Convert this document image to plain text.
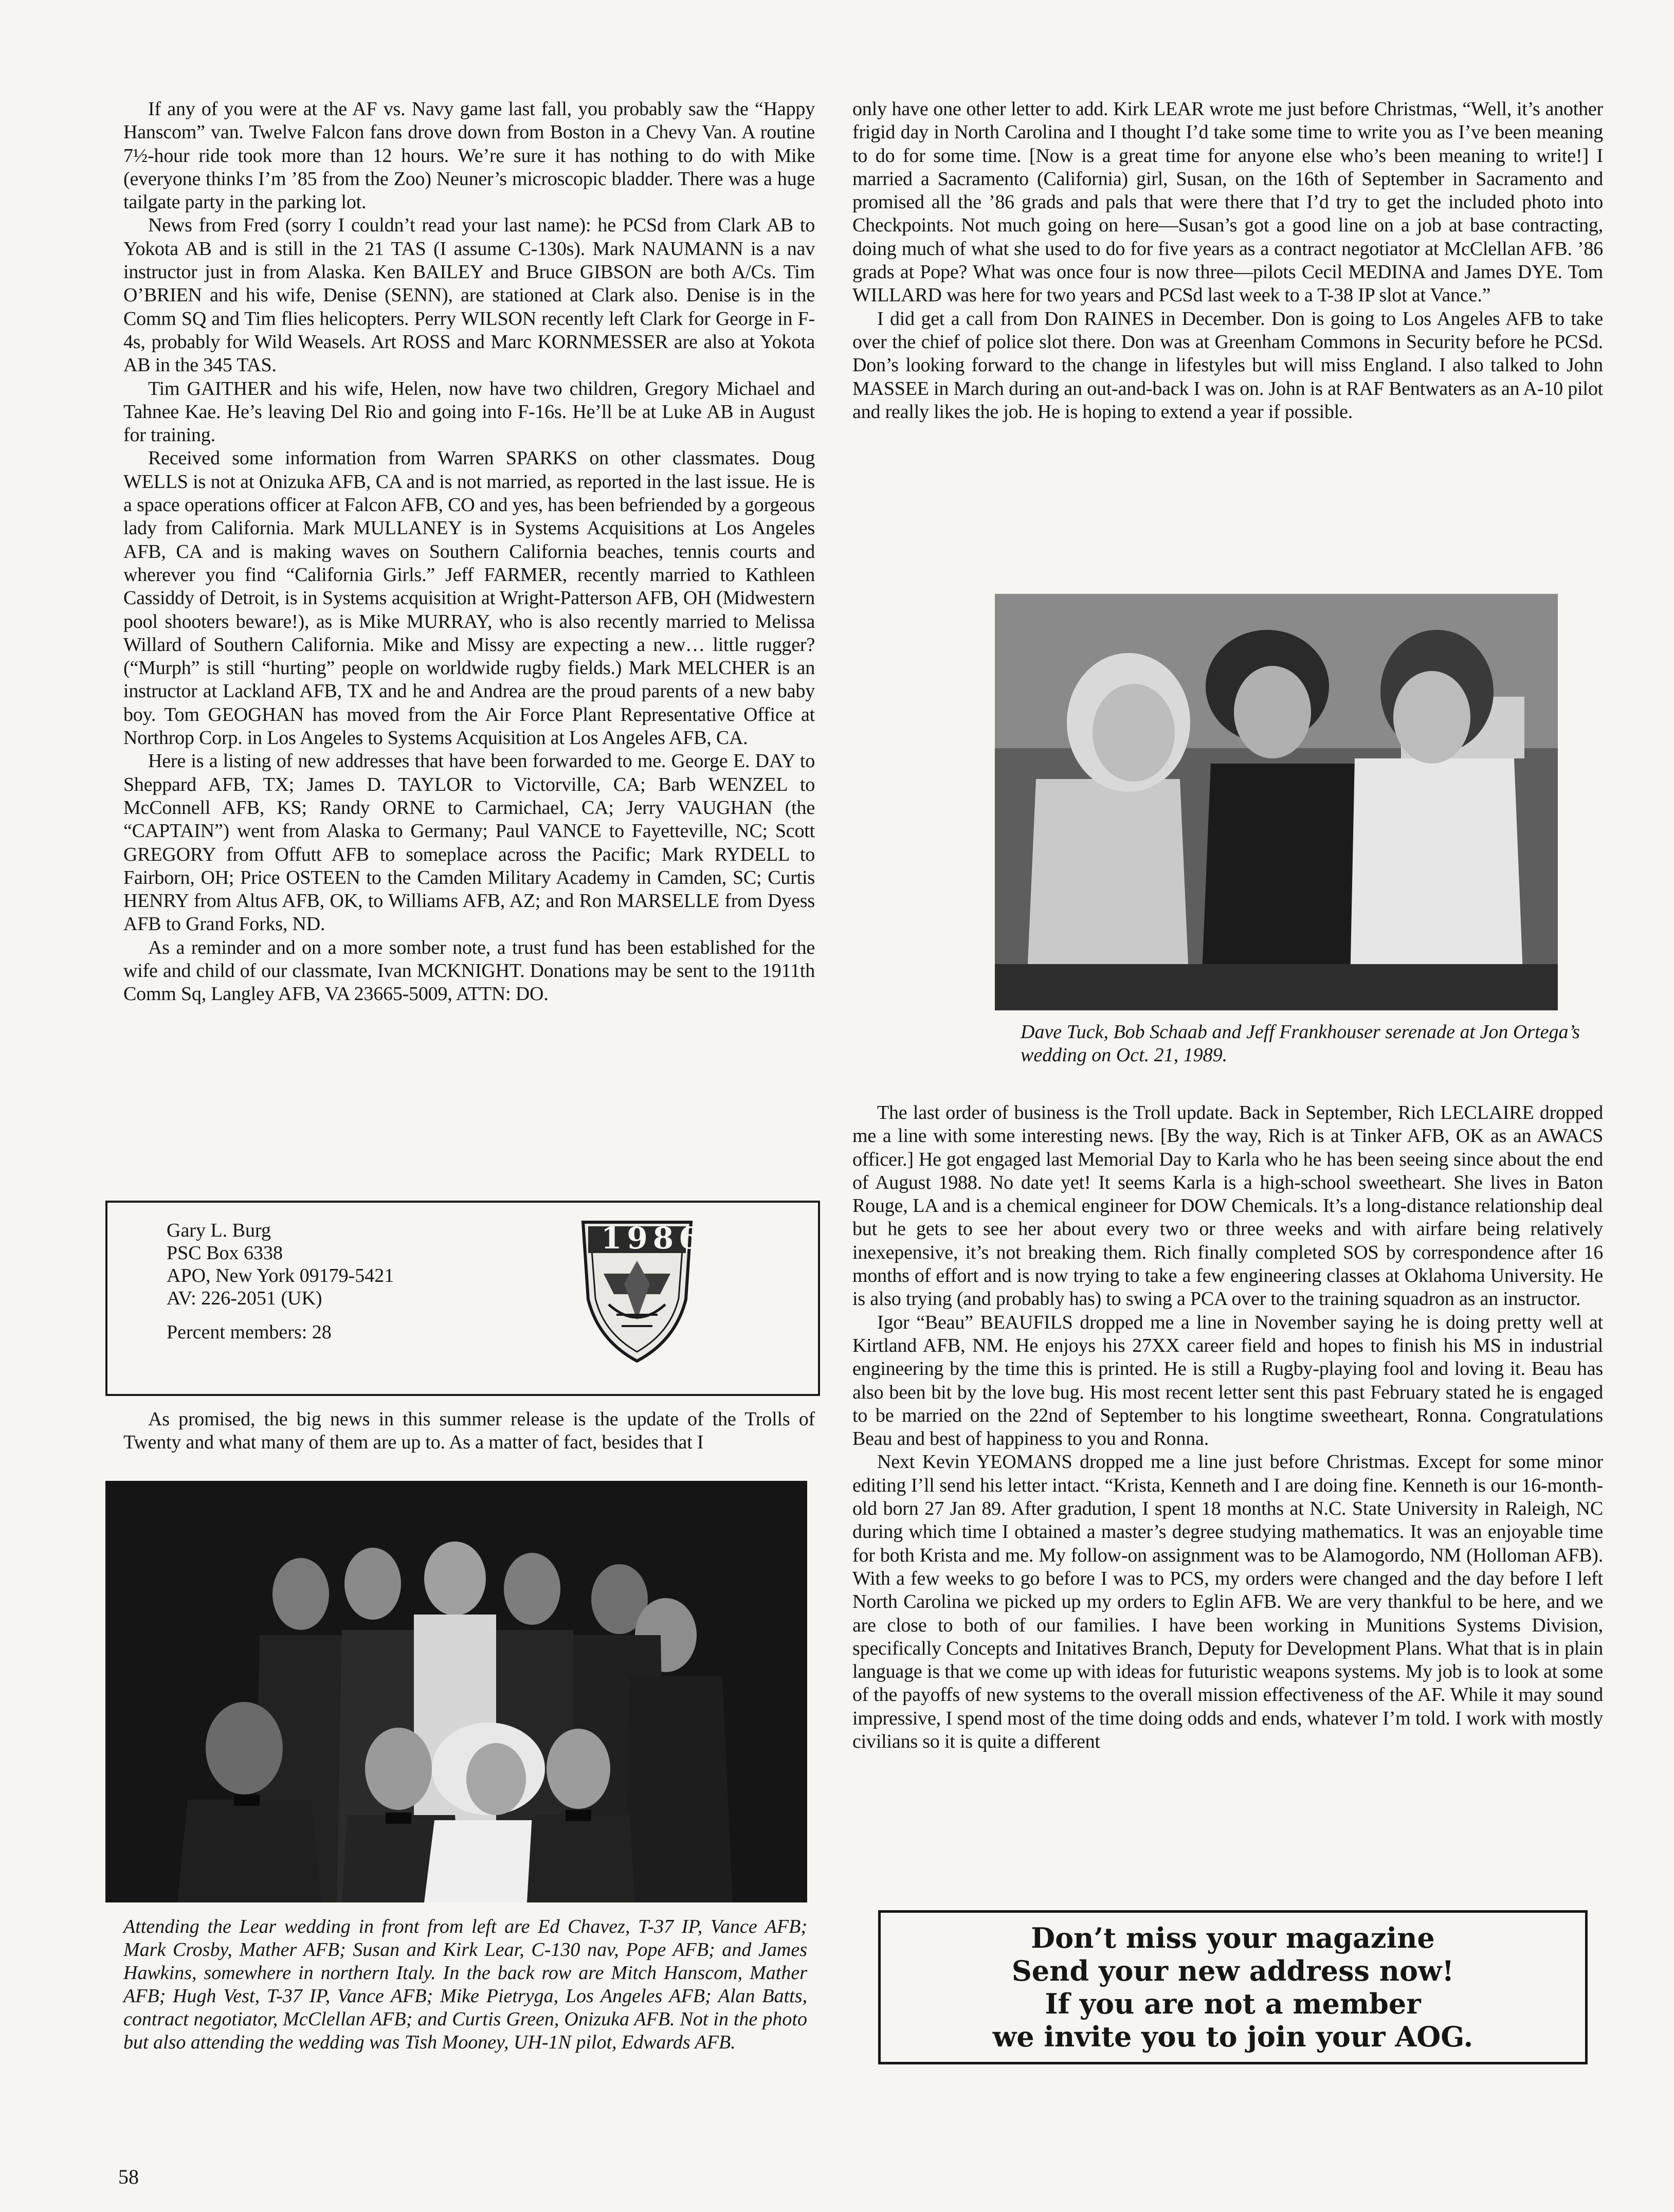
If any of you were at the AF vs. Navy game last fall, you probably saw the “Happy Hanscom” van. Twelve Falcon fans drove down from Boston in a Chevy Van. A routine 7½-hour ride took more than 12 hours. We’re sure it has nothing to do with Mike (everyone thinks I’m ’85 from the Zoo) Neuner’s microscopic bladder. There was a huge tailgate party in the parking lot.

News from Fred (sorry I couldn’t read your last name): he PCSd from Clark AB to Yokota AB and is still in the 21 TAS (I assume C-130s). Mark NAUMANN is a nav instructor just in from Alaska. Ken BAILEY and Bruce GIBSON are both A/Cs. Tim O’BRIEN and his wife, Denise (SENN), are stationed at Clark also. Denise is in the Comm SQ and Tim flies helicopters. Perry WILSON recently left Clark for George in F-4s, probably for Wild Weasels. Art ROSS and Marc KORNMESSER are also at Yokota AB in the 345 TAS.

Tim GAITHER and his wife, Helen, now have two children, Gregory Michael and Tahnee Kae. He’s leaving Del Rio and going into F-16s. He’ll be at Luke AB in August for training.

Received some information from Warren SPARKS on other classmates. Doug WELLS is not at Onizuka AFB, CA and is not married, as reported in the last issue. He is a space operations officer at Falcon AFB, CO and yes, has been befriended by a gorgeous lady from California. Mark MULLANEY is in Systems Acquisitions at Los Angeles AFB, CA and is making waves on Southern California beaches, tennis courts and wherever you find “California Girls.” Jeff FARMER, recently married to Kathleen Cassiddy of Detroit, is in Systems acquisition at Wright-Patterson AFB, OH (Midwestern pool shooters beware!), as is Mike MURRAY, who is also recently married to Melissa Willard of Southern California. Mike and Missy are expecting a new… little rugger? (“Murph” is still “hurting” people on worldwide rugby fields.) Mark MELCHER is an instructor at Lackland AFB, TX and he and Andrea are the proud parents of a new baby boy. Tom GEOGHAN has moved from the Air Force Plant Representative Office at Northrop Corp. in Los Angeles to Systems Acquisition at Los Angeles AFB, CA.

Here is a listing of new addresses that have been forwarded to me. George E. DAY to Sheppard AFB, TX; James D. TAYLOR to Victorville, CA; Barb WENZEL to McConnell AFB, KS; Randy ORNE to Carmichael, CA; Jerry VAUGHAN (the “CAPTAIN”) went from Alaska to Germany; Paul VANCE to Fayetteville, NC; Scott GREGORY from Offutt AFB to someplace across the Pacific; Mark RYDELL to Fairborn, OH; Price OSTEEN to the Camden Military Academy in Camden, SC; Curtis HENRY from Altus AFB, OK, to Williams AFB, AZ; and Ron MARSELLE from Dyess AFB to Grand Forks, ND.

As a reminder and on a more somber note, a trust fund has been established for the wife and child of our classmate, Ivan MCKNIGHT. Donations may be sent to the 1911th Comm Sq, Langley AFB, VA 23665-5009, ATTN: DO.

Gary L. Burg
PSC Box 6338
APO, New York 09179-5421
AV: 226-2051 (UK)
Percent members: 28
1986

As promised, the big news in this summer release is the update of the Trolls of Twenty and what many of them are up to. As a matter of fact, besides that I

Attending the Lear wedding in front from left are Ed Chavez, T-37 IP, Vance AFB; Mark Crosby, Mather AFB; Susan and Kirk Lear, C-130 nav, Pope AFB; and James Hawkins, somewhere in northern Italy. In the back row are Mitch Hanscom, Mather AFB; Hugh Vest, T-37 IP, Vance AFB; Mike Pietryga, Los Angeles AFB; Alan Batts, contract negotiator, McClellan AFB; and Curtis Green, Onizuka AFB. Not in the photo but also attending the wedding was Tish Mooney, UH-1N pilot, Edwards AFB.

only have one other letter to add. Kirk LEAR wrote me just before Christmas, “Well, it’s another frigid day in North Carolina and I thought I’d take some time to write you as I’ve been meaning to do for some time. [Now is a great time for anyone else who’s been meaning to write!] I married a Sacramento (California) girl, Susan, on the 16th of September in Sacramento and promised all the ’86 grads and pals that were there that I’d try to get the included photo into Checkpoints. Not much going on here—Susan’s got a good line on a job at base contracting, doing much of what she used to do for five years as a contract negotiator at McClellan AFB. ’86 grads at Pope? What was once four is now three—pilots Cecil MEDINA and James DYE. Tom WILLARD was here for two years and PCSd last week to a T-38 IP slot at Vance.”

I did get a call from Don RAINES in December. Don is going to Los Angeles AFB to take over the chief of police slot there. Don was at Greenham Commons in Security before he PCSd. Don’s looking forward to the change in lifestyles but will miss England. I also talked to John MASSEE in March during an out-and-back I was on. John is at RAF Bentwaters as an A-10 pilot and really likes the job. He is hoping to extend a year if possible.

Dave Tuck, Bob Schaab and Jeff Frankhouser serenade at Jon Ortega’s wedding on Oct. 21, 1989.

The last order of business is the Troll update. Back in September, Rich LECLAIRE dropped me a line with some interesting news. [By the way, Rich is at Tinker AFB, OK as an AWACS officer.] He got engaged last Memorial Day to Karla who he has been seeing since about the end of August 1988. No date yet! It seems Karla is a high-school sweetheart. She lives in Baton Rouge, LA and is a chemical engineer for DOW Chemicals. It’s a long-distance relationship deal but he gets to see her about every two or three weeks and with airfare being relatively inexepensive, it’s not breaking them. Rich finally completed SOS by correspondence after 16 months of effort and is now trying to take a few engineering classes at Oklahoma University. He is also trying (and probably has) to swing a PCA over to the training squadron as an instructor.

Igor “Beau” BEAUFILS dropped me a line in November saying he is doing pretty well at Kirtland AFB, NM. He enjoys his 27XX career field and hopes to finish his MS in industrial engineering by the time this is printed. He is still a Rugby-playing fool and loving it. Beau has also been bit by the love bug. His most recent letter sent this past February stated he is engaged to be married on the 22nd of September to his longtime sweetheart, Ronna. Congratulations Beau and best of happiness to you and Ronna.

Next Kevin YEOMANS dropped me a line just before Christmas. Except for some minor editing I’ll send his letter intact. “Krista, Kenneth and I are doing fine. Kenneth is our 16-month-old born 27 Jan 89. After gradution, I spent 18 months at N.C. State University in Raleigh, NC during which time I obtained a master’s degree studying mathematics. It was an enjoyable time for both Krista and me. My follow-on assignment was to be Alamogordo, NM (Holloman AFB). With a few weeks to go before I was to PCS, my orders were changed and the day before I left North Carolina we picked up my orders to Eglin AFB. We are very thankful to be here, and we are close to both of our families. I have been working in Munitions Systems Division, specifically Concepts and Initatives Branch, Deputy for Development Plans. What that is in plain language is that we come up with ideas for futuristic weapons systems. My job is to look at some of the payoffs of new systems to the overall mission effectiveness of the AF. While it may sound impressive, I spend most of the time doing odds and ends, whatever I’m told. I work with mostly civilians so it is quite a different

Don’t miss your magazine
Send your new address now!
If you are not a member
we invite you to join your AOG.
58
